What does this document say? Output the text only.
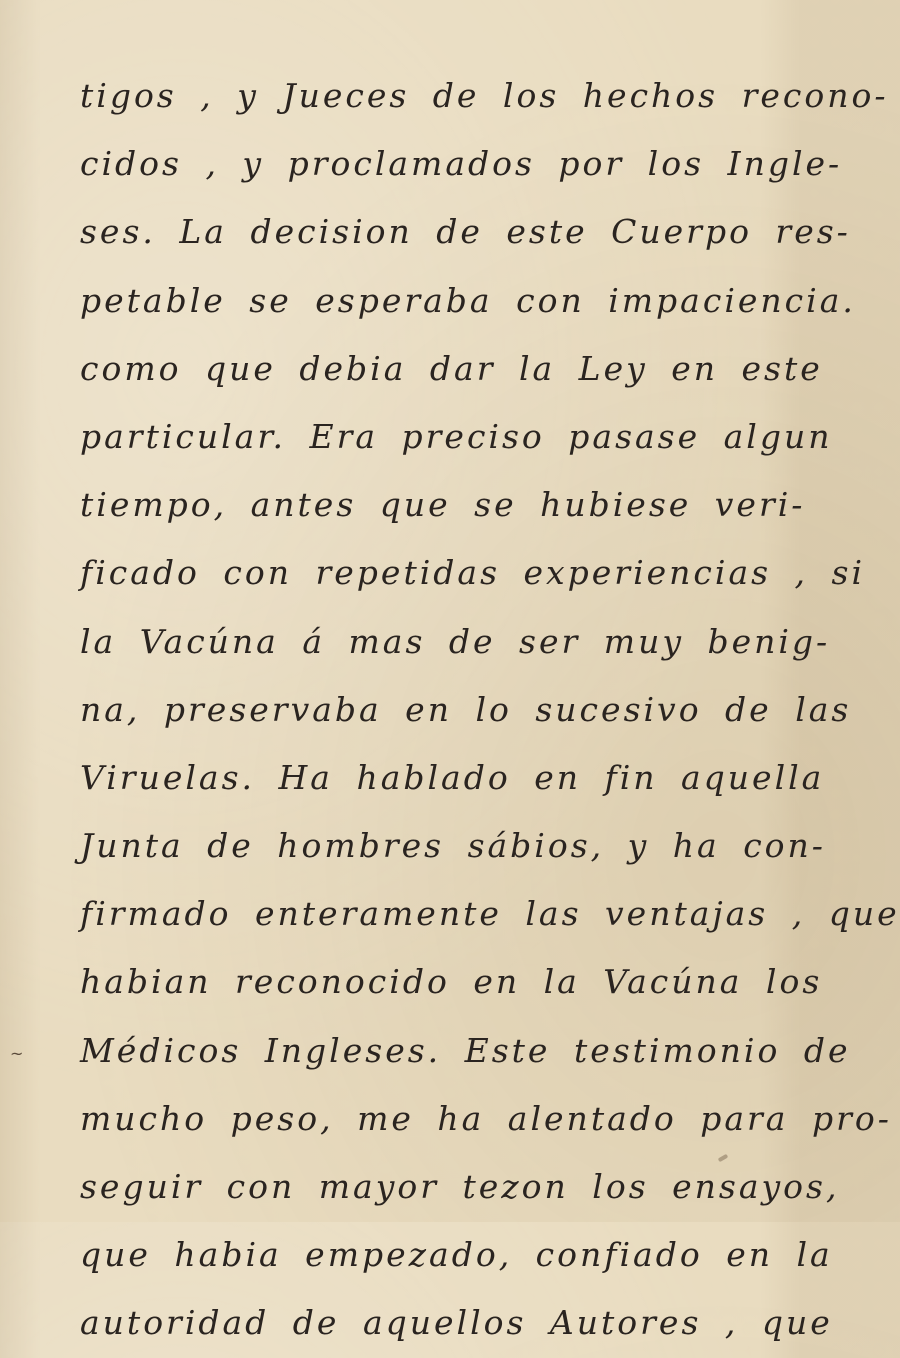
tigos , y Jueces de los hechos recono-
cidos , y proclamados por los Ingle-
ses. La decision de este Cuerpo res-
petable se esperaba con impaciencia.
como que debia dar la Ley en este
particular. Era preciso pasase algun
tiempo, antes que se hubiese veri-
ficado con repetidas experiencias , si
la Vacúna á mas de ser muy benig-
na, preservaba en lo sucesivo de las
Viruelas. Ha hablado en fin aquella
Junta de hombres sábios, y ha con-
firmado enteramente las ventajas , que
habian reconocido en la Vacúna los
Médicos Ingleses. Este testimonio de
mucho peso, me ha alentado para pro-
seguir con mayor tezon los ensayos,
que habia empezado, confiado en la
autoridad de aquellos Autores , que
~
